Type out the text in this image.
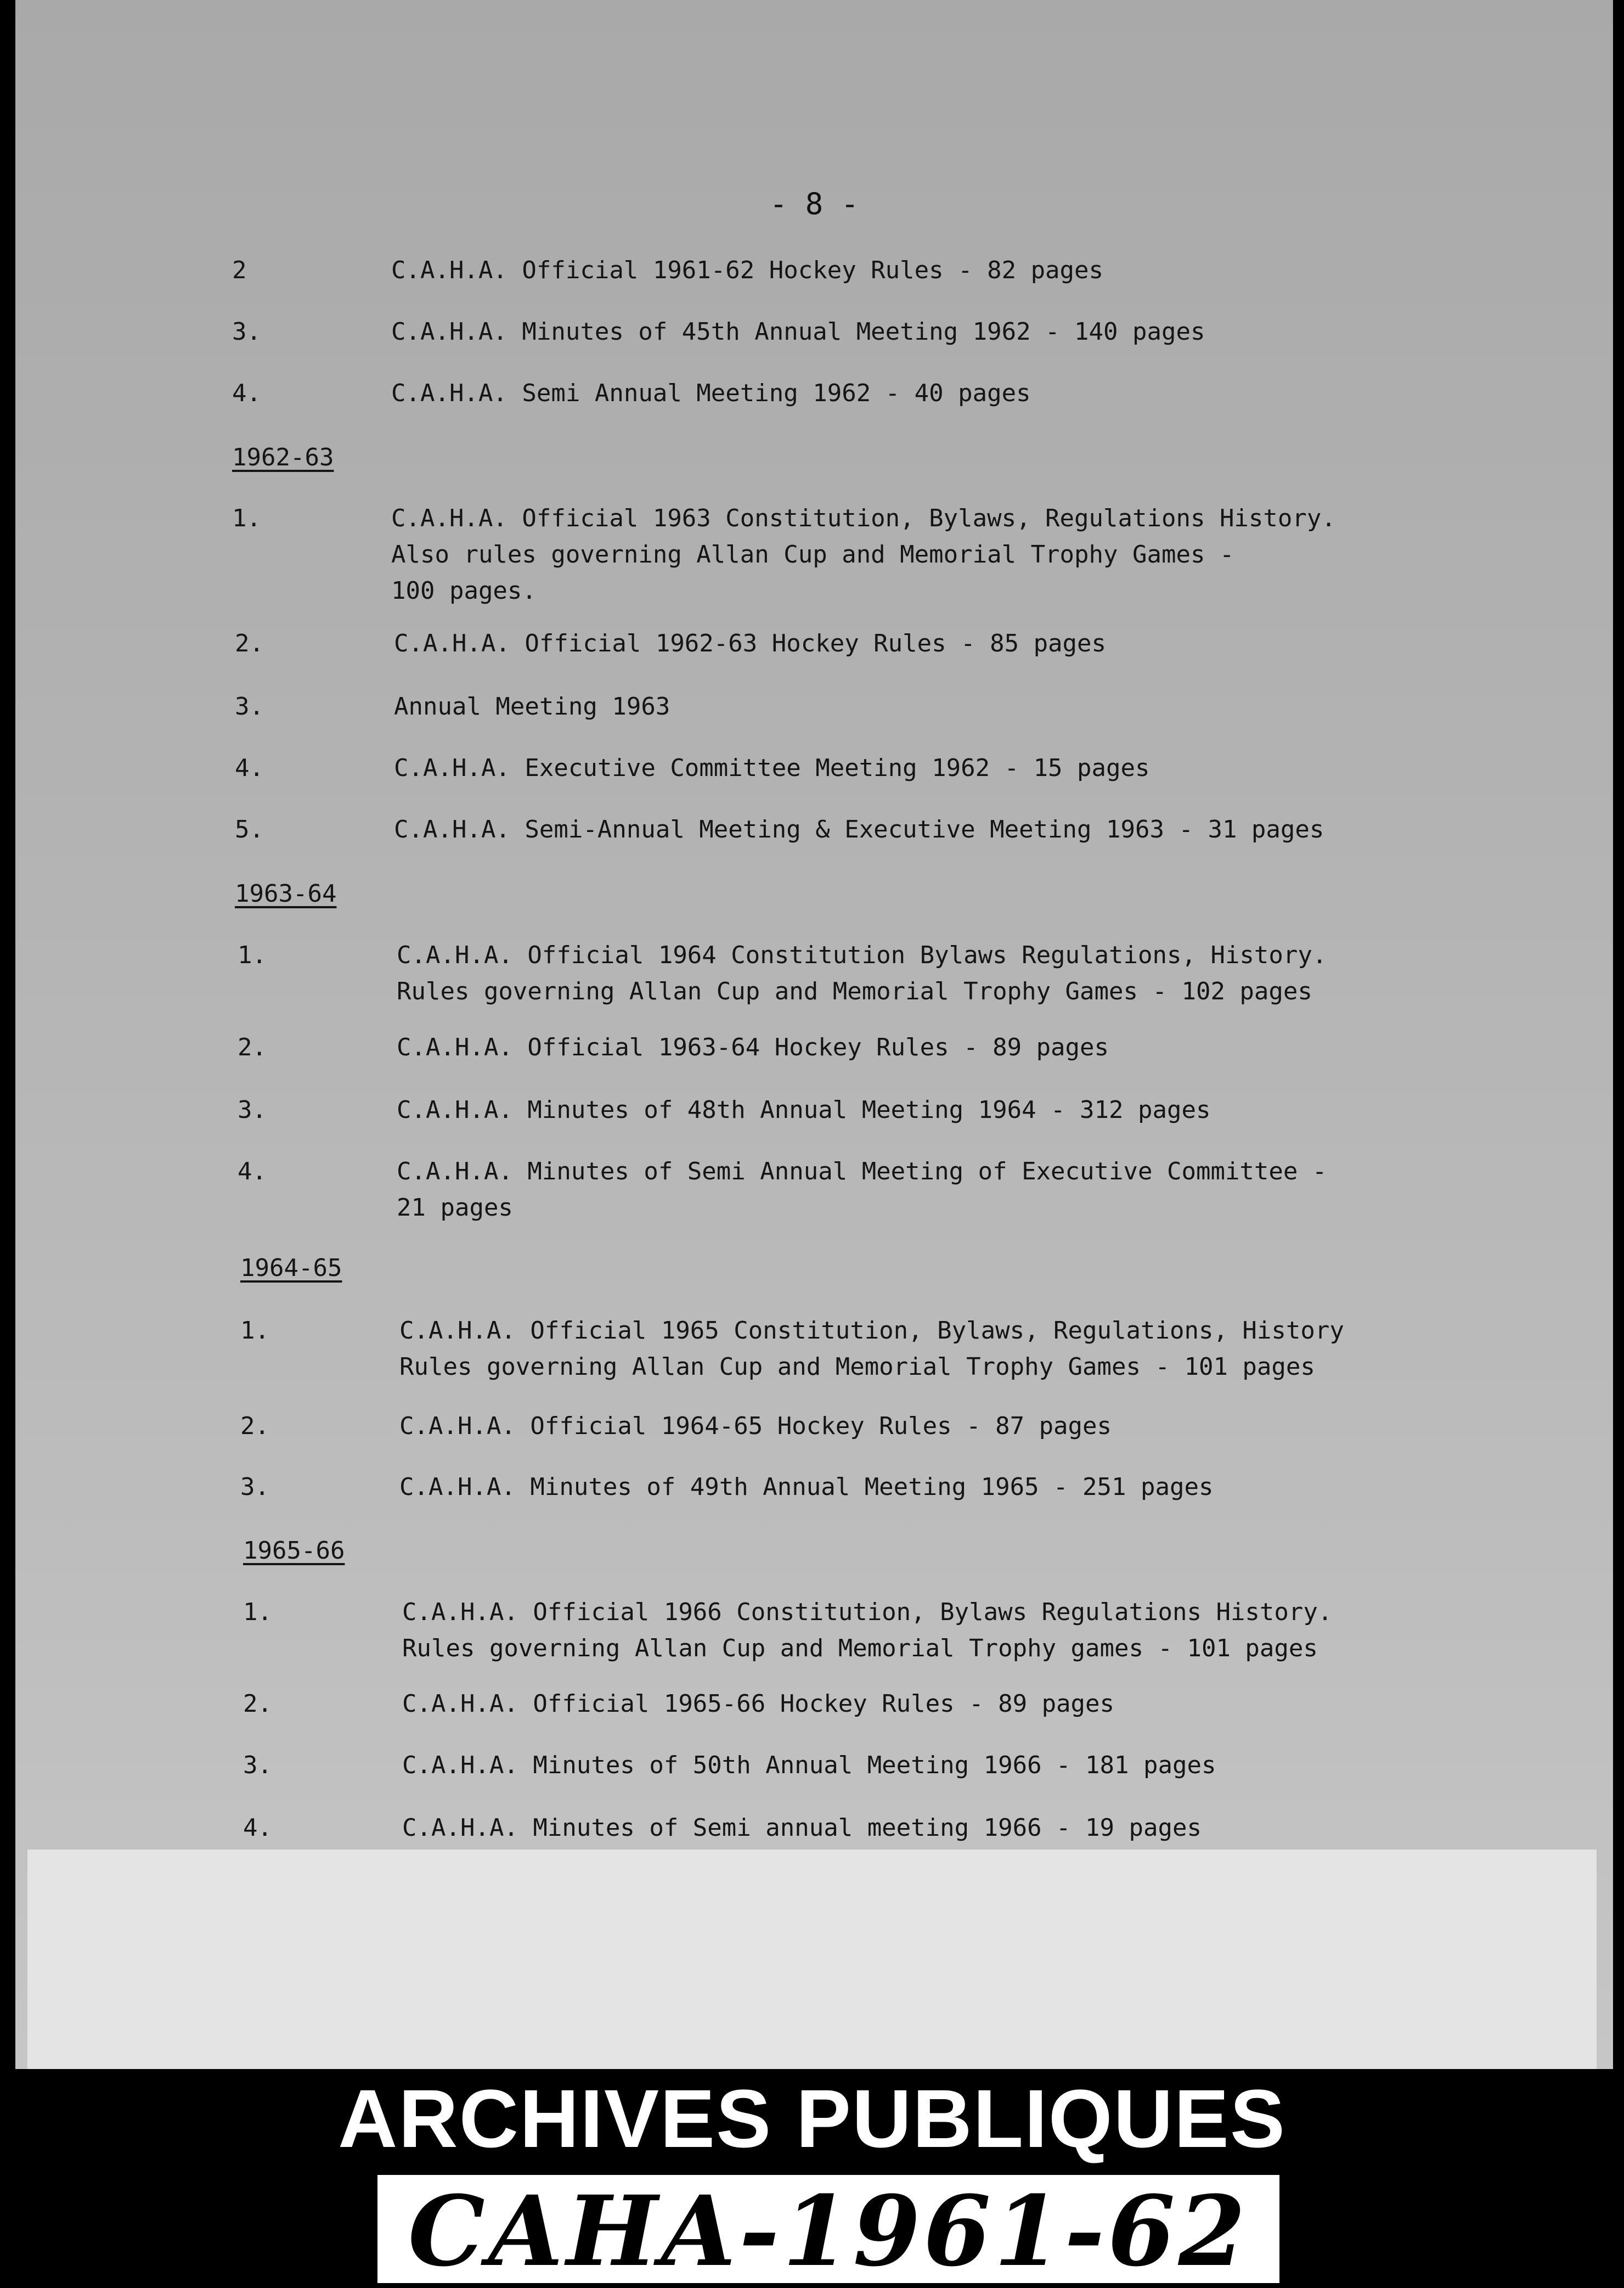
- 8 -
2	C.A.H.A. Official 1961-62 Hockey Rules - 82 pages
3.	C.A.H.A. Minutes of 45th Annual Meeting 1962 - 140 pages
4.	C.A.H.A. Semi Annual Meeting 1962 - 40 pages
1962-63
1.	C.A.H.A. Official 1963 Constitution, Bylaws, Regulations History.
Also rules governing Allan Cup and Memorial Trophy Games -
100 pages.
2.	C.A.H.A. Official 1962-63 Hockey Rules - 85 pages
3.	Annual Meeting 1963
4.	C.A.H.A. Executive Committee Meeting 1962 - 15 pages
5.	C.A.H.A. Semi-Annual Meeting & Executive Meeting 1963 - 31 pages
1963-64
1.	C.A.H.A. Official 1964 Constitution Bylaws Regulations, History.
Rules governing Allan Cup and Memorial Trophy Games - 102 pages
2.	C.A.H.A. Official 1963-64 Hockey Rules - 89 pages
3.	C.A.H.A. Minutes of 48th Annual Meeting 1964 - 312 pages
4.	C.A.H.A. Minutes of Semi Annual Meeting of Executive Committee -
21 pages
1964-65
1.	C.A.H.A. Official 1965 Constitution, Bylaws, Regulations, History
Rules governing Allan Cup and Memorial Trophy Games - 101 pages
2.	C.A.H.A. Official 1964-65 Hockey Rules - 87 pages
3.	C.A.H.A. Minutes of 49th Annual Meeting 1965 - 251 pages
1965-66
1.	C.A.H.A. Official 1966 Constitution, Bylaws Regulations History.
Rules governing Allan Cup and Memorial Trophy games - 101 pages
2.	C.A.H.A. Official 1965-66 Hockey Rules - 89 pages
3.	C.A.H.A. Minutes of 50th Annual Meeting 1966 - 181 pages
4.	C.A.H.A. Minutes of Semi annual meeting 1966 - 19 pages
ARCHIVES PUBLIQUES
CAHA-1961-62
